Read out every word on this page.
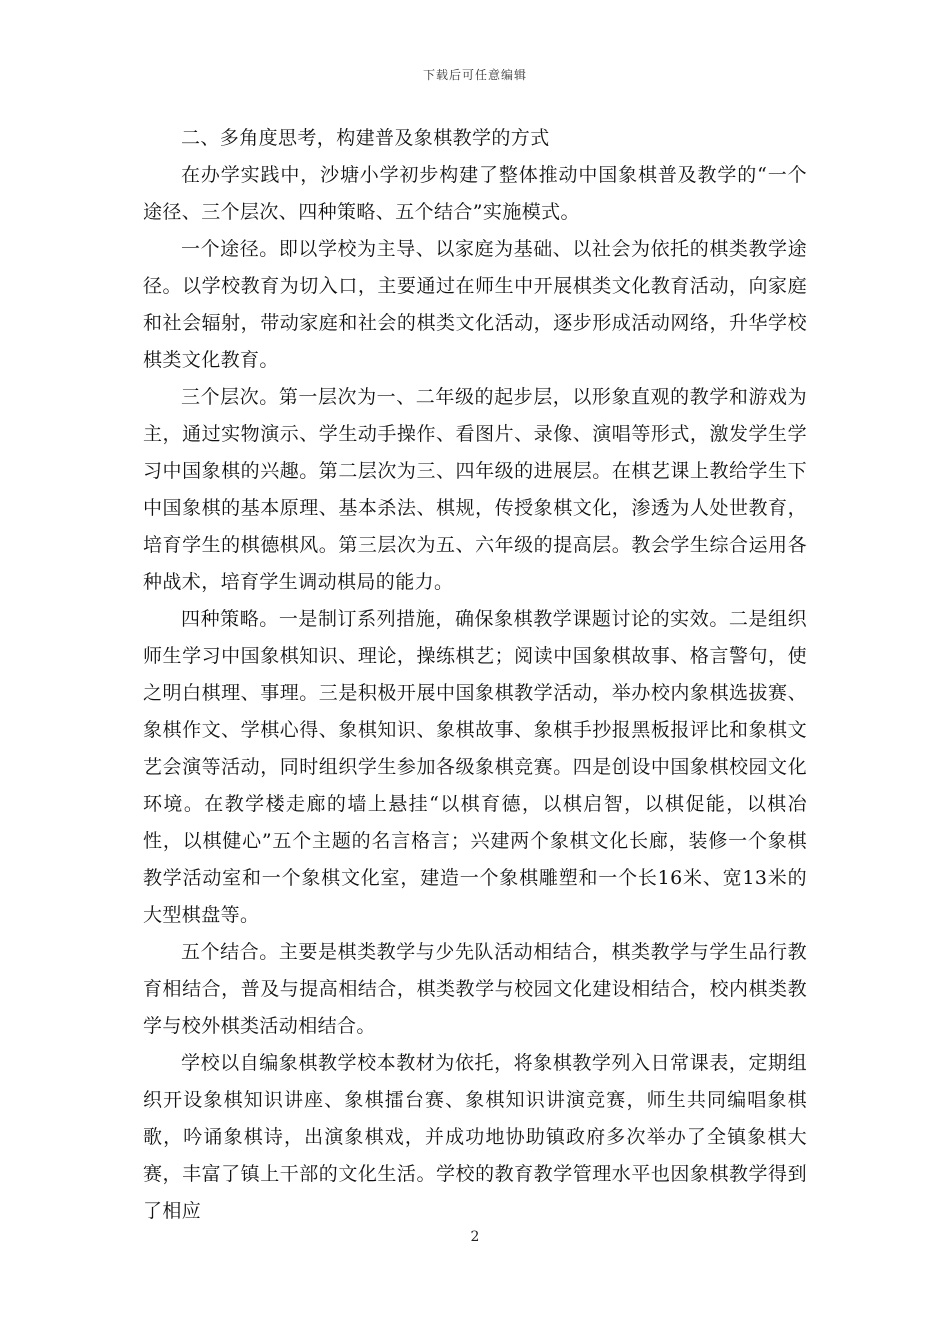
下载后可任意编辑

二、多角度思考，构建普及象棋教学的方式

在办学实践中，沙塘小学初步构建了整体推动中国象棋普及教学的“一个途径、三个层次、四种策略、五个结合”实施模式。

一个途径。即以学校为主导、以家庭为基础、以社会为依托的棋类教学途径。以学校教育为切入口，主要通过在师生中开展棋类文化教育活动，向家庭和社会辐射，带动家庭和社会的棋类文化活动，逐步形成活动网络，升华学校棋类文化教育。

三个层次。第一层次为一、二年级的起步层，以形象直观的教学和游戏为主，通过实物演示、学生动手操作、看图片、录像、演唱等形式，激发学生学习中国象棋的兴趣。第二层次为三、四年级的进展层。在棋艺课上教给学生下中国象棋的基本原理、基本杀法、棋规，传授象棋文化，渗透为人处世教育，培育学生的棋德棋风。第三层次为五、六年级的提高层。教会学生综合运用各种战术，培育学生调动棋局的能力。

四种策略。一是制订系列措施，确保象棋教学课题讨论的实效。二是组织师生学习中国象棋知识、理论，操练棋艺；阅读中国象棋故事、格言警句，使之明白棋理、事理。三是积极开展中国象棋教学活动，举办校内象棋选拔赛、象棋作文、学棋心得、象棋知识、象棋故事、象棋手抄报黑板报评比和象棋文艺会演等活动，同时组织学生参加各级象棋竞赛。四是创设中国象棋校园文化环境。在教学楼走廊的墙上悬挂“以棋育德，以棋启智，以棋促能，以棋冶性，以棋健心”五个主题的名言格言；兴建两个象棋文化长廊，装修一个象棋教学活动室和一个象棋文化室，建造一个象棋雕塑和一个长16米、宽13米的大型棋盘等。

五个结合。主要是棋类教学与少先队活动相结合，棋类教学与学生品行教育相结合，普及与提高相结合，棋类教学与校园文化建设相结合，校内棋类教学与校外棋类活动相结合。

学校以自编象棋教学校本教材为依托，将象棋教学列入日常课表，定期组织开设象棋知识讲座、象棋擂台赛、象棋知识讲演竞赛，师生共同编唱象棋歌，吟诵象棋诗，出演象棋戏，并成功地协助镇政府多次举办了全镇象棋大赛，丰富了镇上干部的文化生活。学校的教育教学管理水平也因象棋教学得到了相应

2
